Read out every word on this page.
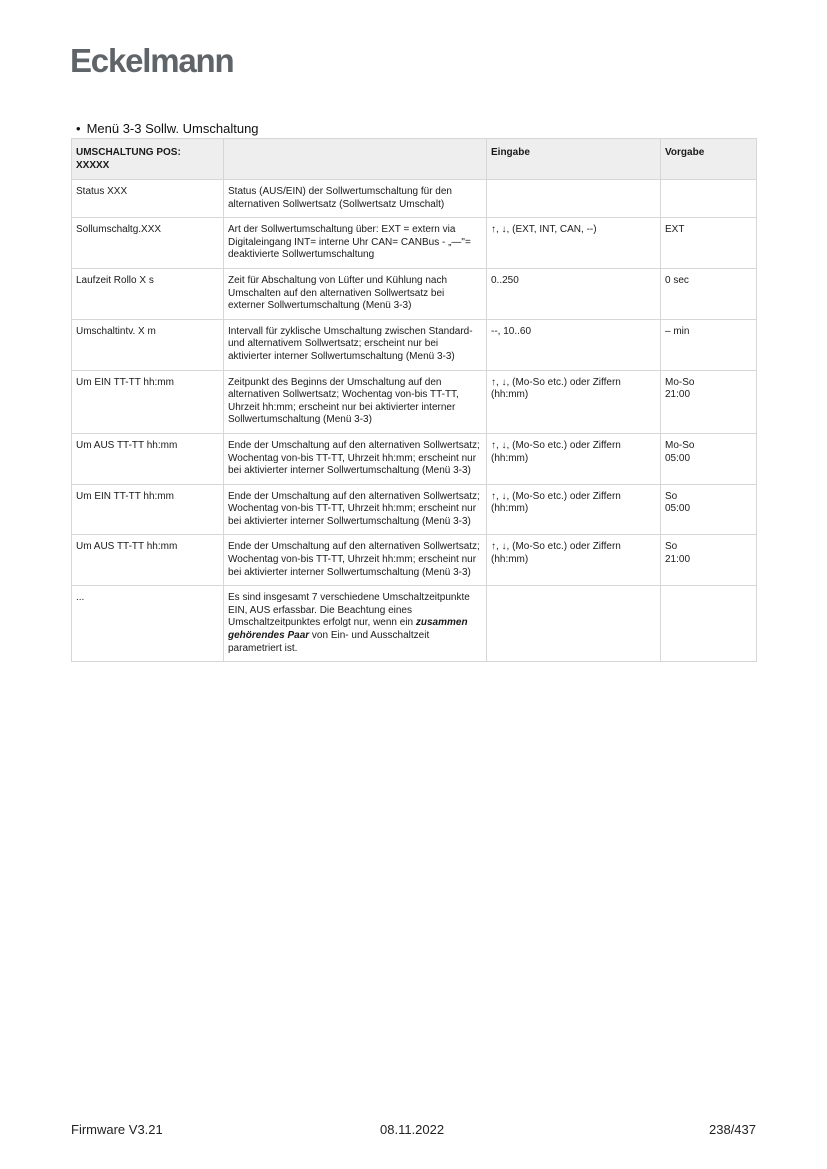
Eckelmann
• Menü 3-3 Sollw. Umschaltung
UMSCHALTUNG POS:
XXXXX		Eingabe	Vorgabe
Status XXX	Status (AUS/EIN) der Sollwertumschaltung für den alternativen Sollwertsatz (Sollwertsatz Umschalt)		
Sollumschaltg.XXX	Art der Sollwertumschaltung über: EXT = extern via Digitaleingang INT= interne Uhr CAN= CANBus - „—"= deaktivierte Sollwertumschaltung	↑, ↓, (EXT, INT, CAN, --)	EXT
Laufzeit Rollo X s	Zeit für Abschaltung von Lüfter und Kühlung nach Umschalten auf den alternativen Sollwertsatz bei externer Sollwertumschaltung (Menü 3-3)	0..250	0 sec
Umschaltintv. X m	Intervall für zyklische Umschaltung zwischen Standard- und alternativem Sollwertsatz; erscheint nur bei aktivierter interner Sollwertumschaltung (Menü 3-3)	--, 10..60	– min
Um EIN TT-TT hh:mm	Zeitpunkt des Beginns der Umschaltung auf den alternativen Sollwertsatz; Wochentag von-bis TT-TT, Uhrzeit hh:mm; erscheint nur bei aktivierter interner Sollwertumschaltung (Menü 3-3)	↑, ↓, (Mo-So etc.) oder Ziffern (hh:mm)	Mo-So
21:00
Um AUS TT-TT hh:mm	Ende der Umschaltung auf den alternativen Sollwertsatz; Wochentag von-bis TT-TT, Uhrzeit hh:mm; erscheint nur bei aktivierter interner Sollwertumschaltung (Menü 3-3)	↑, ↓, (Mo-So etc.) oder Ziffern (hh:mm)	Mo-So
05:00
Um EIN TT-TT hh:mm	Ende der Umschaltung auf den alternativen Sollwertsatz; Wochentag von-bis TT-TT, Uhrzeit hh:mm; erscheint nur bei aktivierter interner Sollwertumschaltung (Menü 3-3)	↑, ↓, (Mo-So etc.) oder Ziffern (hh:mm)	So
05:00
Um AUS TT-TT hh:mm	Ende der Umschaltung auf den alternativen Sollwertsatz; Wochentag von-bis TT-TT, Uhrzeit hh:mm; erscheint nur bei aktivierter interner Sollwertumschaltung (Menü 3-3)	↑, ↓, (Mo-So etc.) oder Ziffern (hh:mm)	So
21:00
...	Es sind insgesamt 7 verschiedene Umschaltzeitpunkte EIN, AUS erfassbar. Die Beachtung eines Umschaltzeitpunktes erfolgt nur, wenn ein zusammen gehörendes Paar von Ein- und Ausschaltzeit parametriert ist.		
Firmware V3.21	08.11.2022	238/437
